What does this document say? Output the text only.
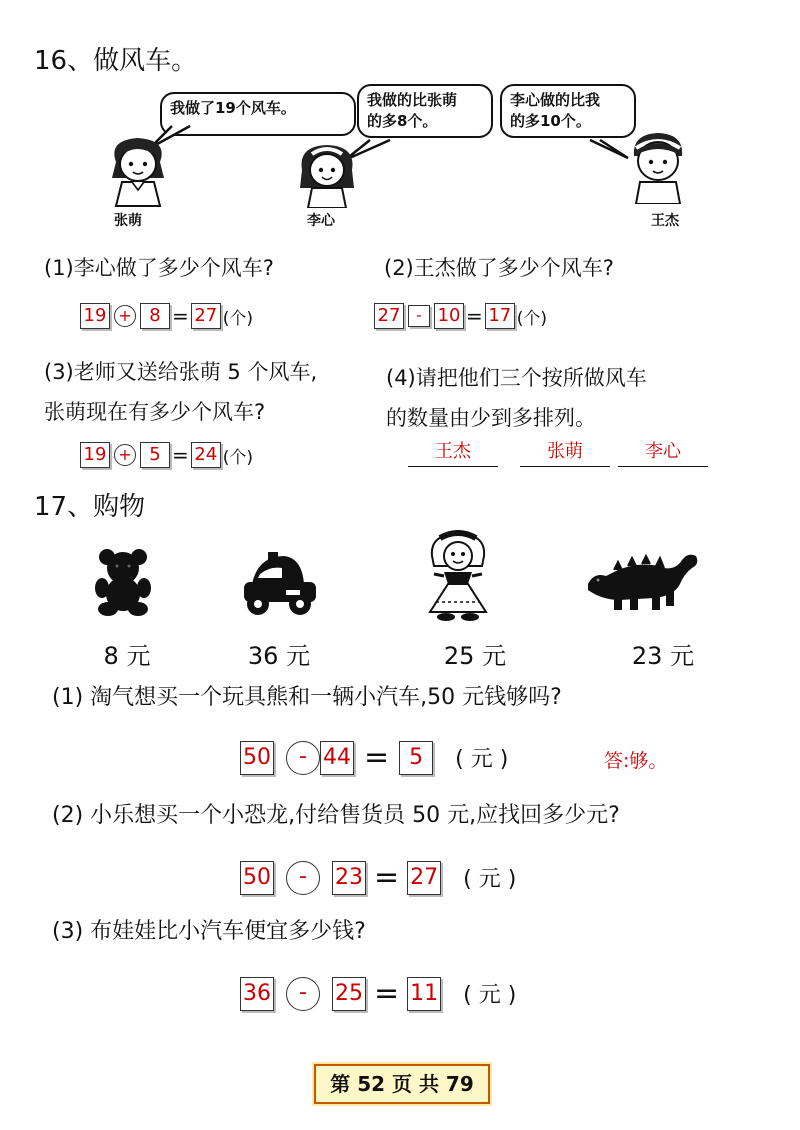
16、做风车。
我做了19个风车。	我做的比张萌
的多8个。
李心做的比我
的多10个。
张萌	李心	王杰
(1)李心做了多少个风车?
19 + 8 = 27 (个)
(2)王杰做了多少个风车?
27	- 10 = 17 (个)
(3)老师又送给张萌 5 个风车,
张萌现在有多少个风车?
19 + 5 = 24 (个)
(4)请把他们三个按所做风车
的数量由少到多排列。
王杰	张萌	李心
17、购物
8 元	36 元	25 元	23 元
(1) 淘气想买一个玩具熊和一辆小汽车,50 元钱够吗?
50	- 44 = 5	( 元 )	答:够。
(2) 小乐想买一个小恐龙,付给售货员 50 元,应找回多少元?
50	-	23 = 27 ( 元 )
(3) 布娃娃比小汽车便宜多少钱?
36	-	25 = 11 ( 元 )
第 52 页 共 79
